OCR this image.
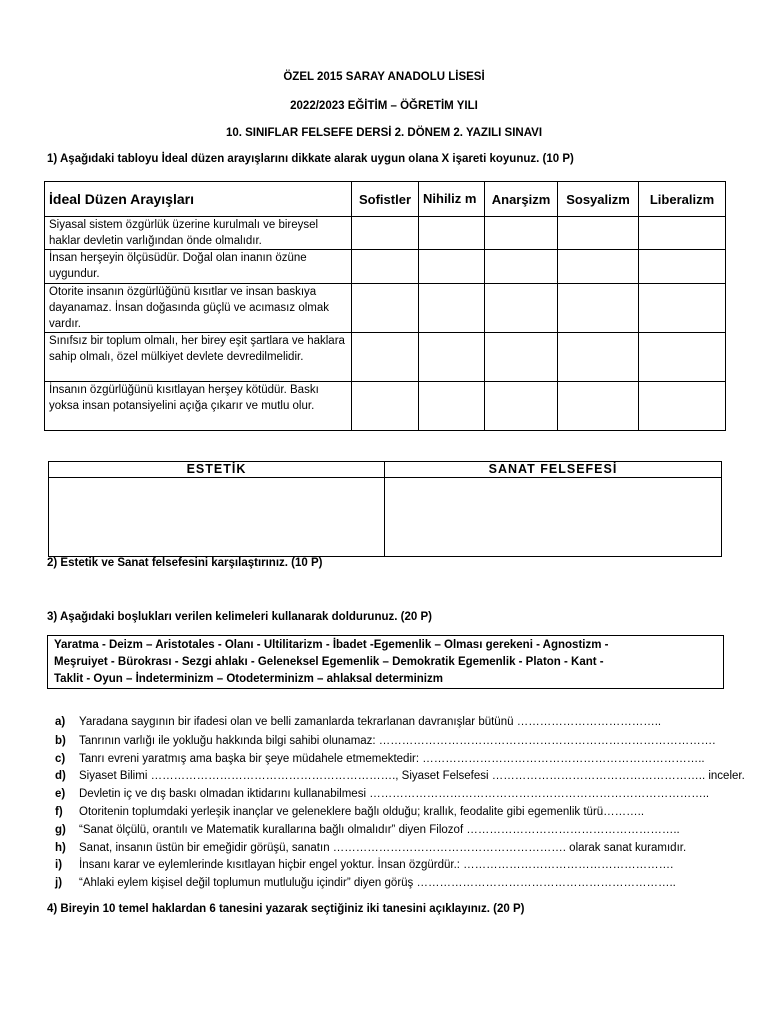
ÖZEL 2015 SARAY ANADOLU LİSESİ
2022/2023 EĞİTİM – ÖĞRETİM YILI
10. SINIFLAR FELSEFE DERSİ 2. DÖNEM 2. YAZILI SINAVI
1) Aşağıdaki tabloyu İdeal düzen arayışlarını dikkate alarak uygun olana X işareti koyunuz. (10 P)
İdeal Düzen Arayışları	Sofistler	Nihiliz m	Anarşizm	Sosyalizm	Liberalizm
Siyasal sistem özgürlük üzerine kurulmalı ve bireysel haklar devletin varlığından önde olmalıdır.					
İnsan herşeyin ölçüsüdür. Doğal olan inanın özüne uygundur.					
Otorite insanın özgürlüğünü kısıtlar ve insan baskıya dayanamaz. İnsan doğasında güçlü ve acımasız olmak vardır.					
Sınıfsız bir toplum olmalı, her birey eşit şartlara ve haklara sahip olmalı, özel mülkiyet devlete devredilmelidir.					
İnsanın özgürlüğünü kısıtlayan herşey kötüdür. Baskı yoksa insan potansiyelini açığa çıkarır ve mutlu olur.					
ESTETİK	SANAT FELSEFESİ
2) Estetik ve Sanat felsefesini karşılaştırınız. (10 P)
3) Aşağıdaki boşlukları verilen kelimeleri kullanarak doldurunuz. (20 P)
Yaratma - Deizm – Aristotales - Olanı - Ultilitarizm - İbadet -Egemenlik – Olması gerekeni - Agnostizm -
Meşruiyet - Bürokrası - Sezgi ahlakı - Geleneksel Egemenlik – Demokratik Egemenlik - Platon - Kant -
Taklit - Oyun – İndeterminizm – Otodeterminizm – ahlaksal determinizm
a) Yaradana saygının bir ifadesi olan ve belli zamanlarda tekrarlanan davranışlar bütünü ………………………………..
b) Tanrının varlığı ile yokluğu hakkında bilgi sahibi olunamaz: …………………………………………………………………………….
c) Tanrı evreni yaratmış ama başka bir şeye müdahele etmemektedir: ………………………………………………………………..
d) Siyaset Bilimi ………………………………………………………., Siyaset Felsefesi ……………………………………………….. inceler.
e) Devletin iç ve dış baskı olmadan iktidarını kullanabilmesi ……………………………………………………………………………..
f) Otoritenin toplumdaki yerleşik inançlar ve geleneklere bağlı olduğu; krallık, feodalite gibi egemenlik türü………..
g) “Sanat ölçülü, orantılı ve Matematik kurallarına bağlı olmalıdır” diyen Filozof ………………………………………………..
h) Sanat, insanın üstün bir emeğidir görüşü, sanatın ……………………………………………………. olarak sanat kuramıdır.
i) İnsanı karar ve eylemlerinde kısıtlayan hiçbir engel yoktur. İnsan özgürdür.: ……………………………………………….
j) “Ahlaki eylem kişisel değil toplumun mutluluğu içindir” diyen görüş …………………………………………………………..
4) Bireyin 10 temel haklardan 6 tanesini yazarak seçtiğiniz iki tanesini açıklayınız. (20 P)
